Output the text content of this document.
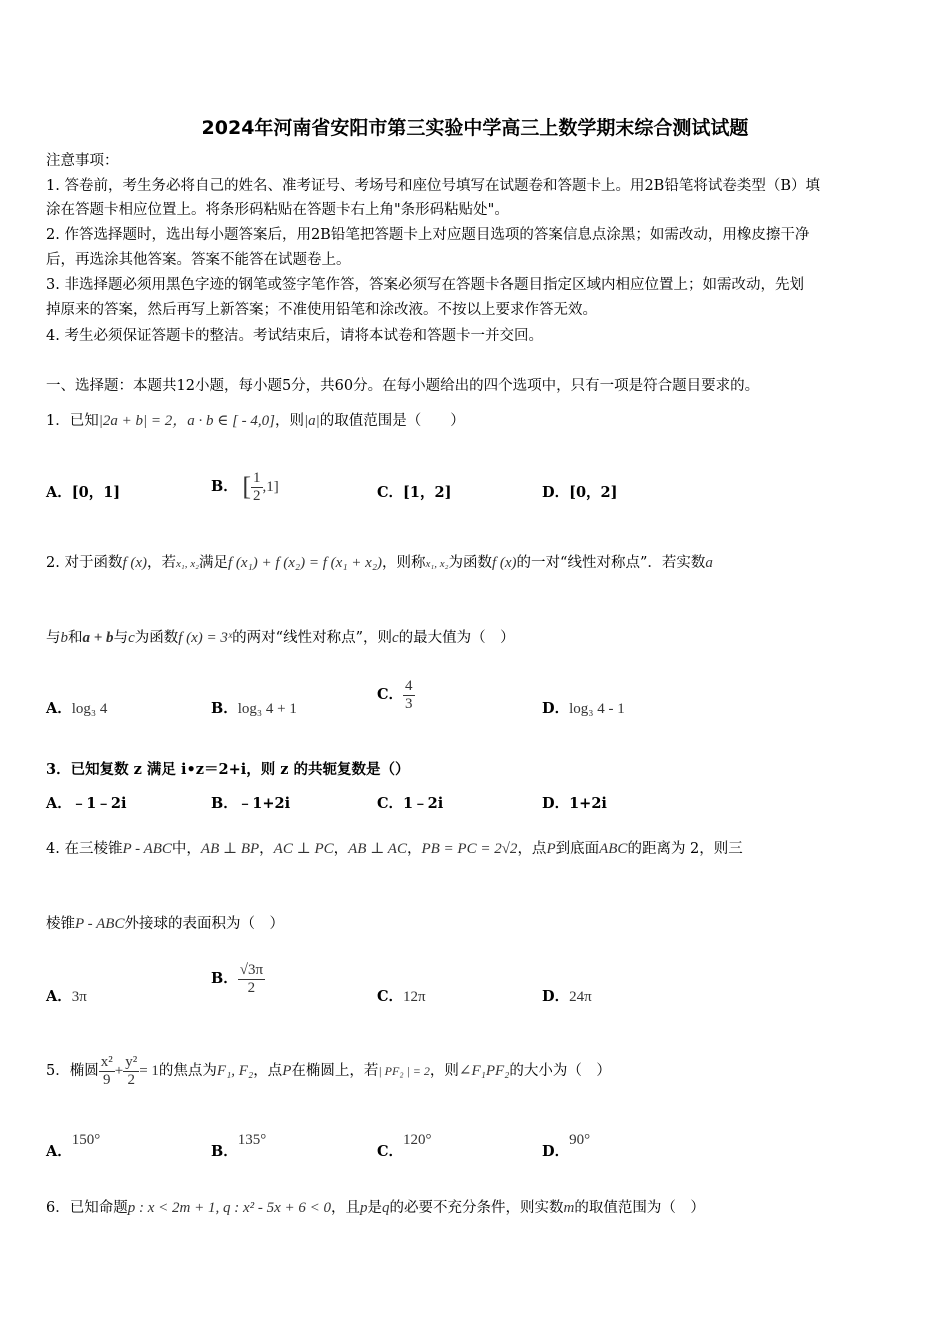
2024年河南省安阳市第三实验中学高三上数学期末综合测试试题
注意事项：
1. 答卷前，考生务必将自己的姓名、准考证号、考场号和座位号填写在试题卷和答题卡上。用2B铅笔将试卷类型（B）填
涂在答题卡相应位置上。将条形码粘贴在答题卡右上角"条形码粘贴处"。
2. 作答选择题时，选出每小题答案后，用2B铅笔把答题卡上对应题目选项的答案信息点涂黑；如需改动，用橡皮擦干净
后，再选涂其他答案。答案不能答在试题卷上。
3. 非选择题必须用黑色字迹的钢笔或签字笔作答，答案必须写在答题卡各题目指定区域内相应位置上；如需改动，先划
掉原来的答案，然后再写上新答案；不准使用铅笔和涂改液。不按以上要求作答无效。
4. 考生必须保证答题卡的整洁。考试结束后，请将本试卷和答题卡一并交回。
一、选择题：本题共12小题，每小题5分，共60分。在每小题给出的四个选项中，只有一项是符合题目要求的。
1．已知|2a + b| = 2，a · b ∈ [ - 4,0]，则|a|的取值范围是（　　）
A．[0，1]	B． [ $\frac{1}{2} ,1$]	C．[1，2]	D．[0，2]
2. 对于函数f (x)，若x₁, x₂满足f (x₁) + f (x₂) = f (x₁ + x₂)，则称x₁, x₂为函数f (x)的一对“线性对称点”．若实数a
与b和a + b与c为函数f (x) = 3ˣ的两对“线性对称点”，则c的最大值为（　）
A．log₃ 4	B．log₃ 4 + 1
C． $\frac{4}{3}$	D．log₃ 4 - 1
3．已知复数 z 满足 i•z＝2+i，则 z 的共轭复数是（）
A．﹣1﹣2i	B．﹣1+2i	C．1﹣2i	D．1+2i
4. 在三棱锥P - ABC中，AB ⊥ BP，AC ⊥ PC，AB ⊥ AC，PB = PC = 2√2，点P到底面ABC的距离为 2，则三
棱锥P - ABC外接球的表面积为（　）
A．3π
B． $\frac{√3\pi}{2}$
C．12π	D．24π
5．椭圆 $\frac{\text{x²}}{9} + \frac{\text{y²}}{2} = 1$的焦点为F₁, F₂，点P在椭圆上，若| PF₂ | = 2，则∠F₁PF₂的大小为（　）
A．150°
B．135°
C．120°
D．90°
6．已知命题p : x < 2m + 1, q : x² - 5x + 6 < 0，且p是q的必要不充分条件，则实数m的取值范围为（　）
